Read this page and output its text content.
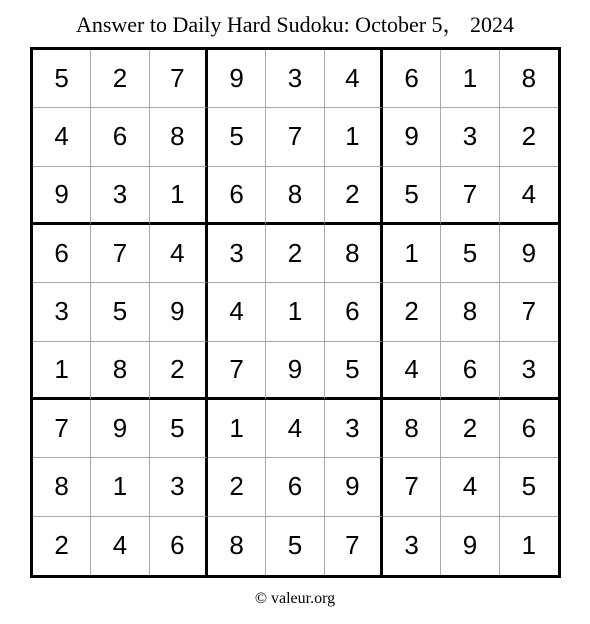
Answer to Daily Hard Sudoku: October 5， 2024
5	2	7	9	3	4	6	1	8
4	6	8	5	7	1	9	3	2
9	3	1	6	8	2	5	7	4
6	7	4	3	2	8	1	5	9
3	5	9	4	1	6	2	8	7
1	8	2	7	9	5	4	6	3
7	9	5	1	4	3	8	2	6
8	1	3	2	6	9	7	4	5
2	4	6	8	5	7	3	9	1
© valeur.org
